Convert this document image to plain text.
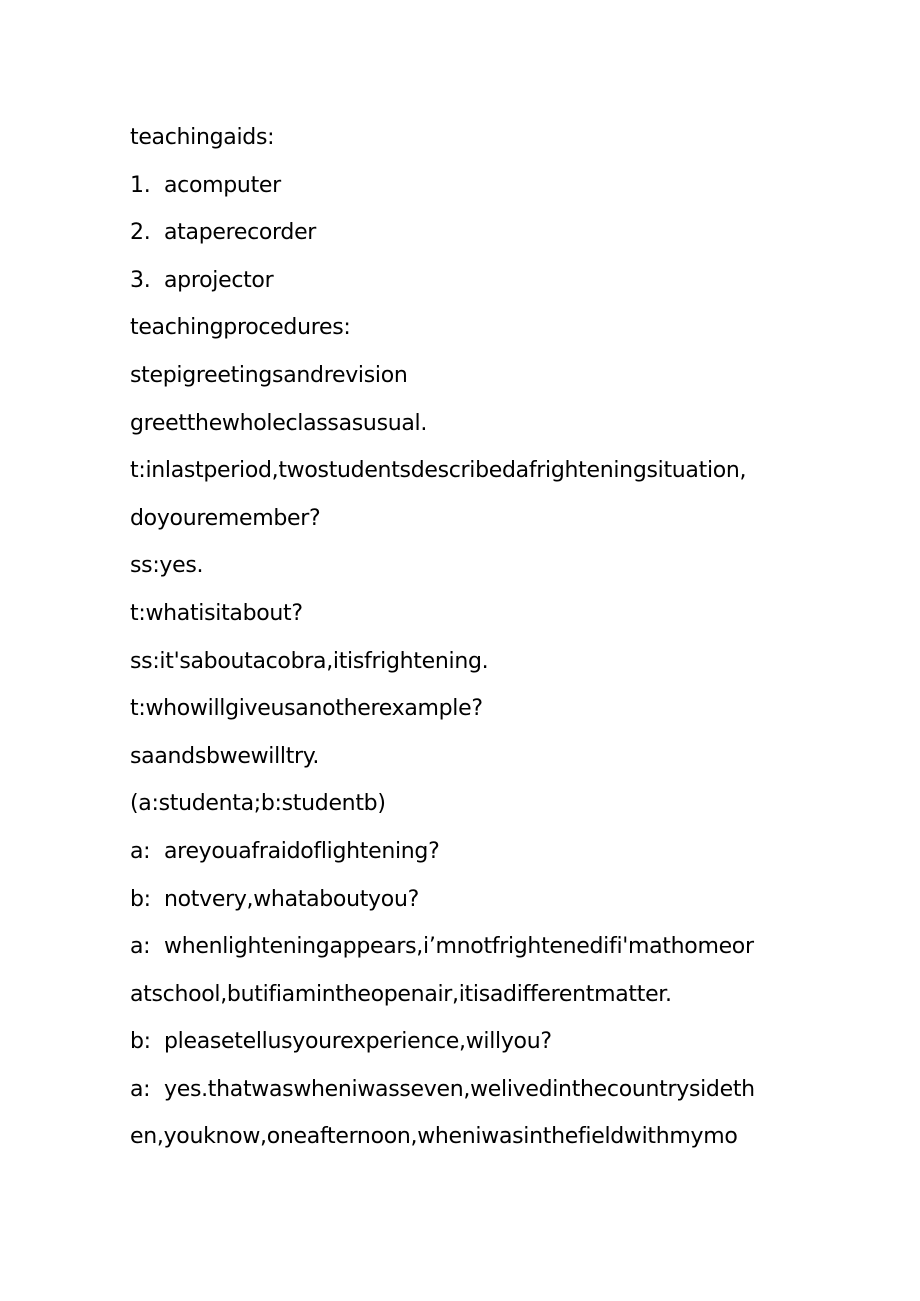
teachingaids:
1. acomputer
2. ataperecorder
3. aprojector
teachingprocedures:
stepigreetingsandrevision
greetthewholeclassasusual.
t:inlastperiod,twostudentsdescribedafrighteningsituation,
doyouremember?
ss:yes.
t:whatisitabout?
ss:it'saboutacobra,itisfrightening.
t:whowillgiveusanotherexample?
saandsbwewilltry.
(a:studenta;b:studentb)
a: areyouafraidoflightening?
b: notvery,whataboutyou?
a: whenlighteningappears,i’mnotfrightenedifi'mathomeor
atschool,butifiamintheopenair,itisadifferentmatter.
b: pleasetellusyourexperience,willyou?
a: yes.thatwaswheniwasseven,welivedinthecountrysideth
en,youknow,oneafternoon,wheniwasinthefieldwithmymo
